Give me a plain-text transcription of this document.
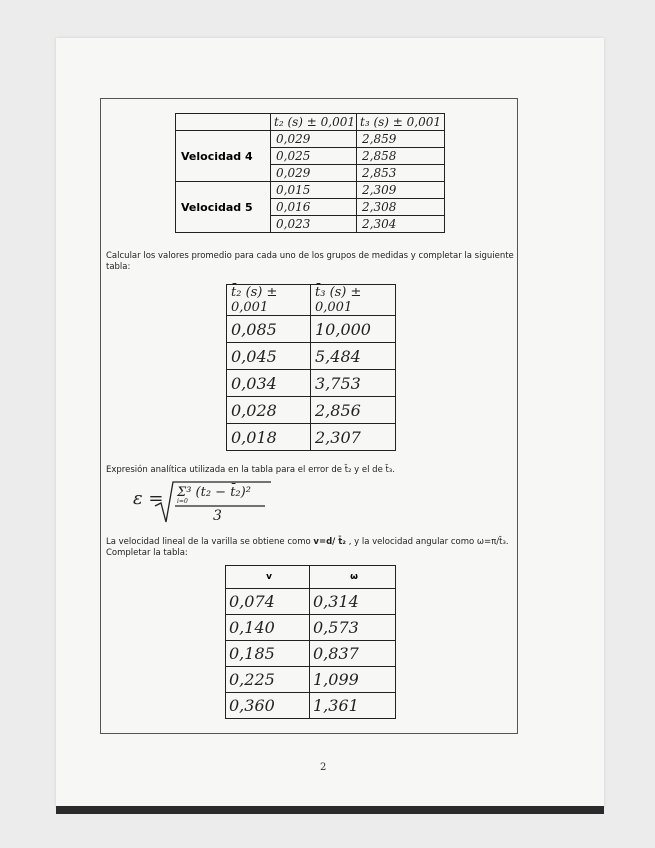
	t₂ (s) ± 0,001	t₃ (s) ± 0,001
Velocidad 4	0,029	2,859
	0,025	2,858
	0,029	2,853
Velocidad 5	0,015	2,309
	0,016	2,308
	0,023	2,304
Calcular los valores promedio para cada uno de los grupos de medidas y completar la siguiente tabla:
t̄₂ (s) ± 0,001	t̄₃ (s) ± 0,001
0,085	10,000
0,045	5,484
0,034	3,753
0,028	2,856
0,018	2,307
Expresión analítica utilizada en la tabla para el error de t̄₂ y el de t̄₃.
ε = Σ³ (t₂ − t̄₂)²
i=0
3
La velocidad lineal de la varilla se obtiene como v=d/ t̄₂ , y la velocidad angular como ω=π/t̄₃. Completar la tabla:
v	ω
0,074	0,314
0,140	0,573
0,185	0,837
0,225	1,099
0,360	1,361
2
